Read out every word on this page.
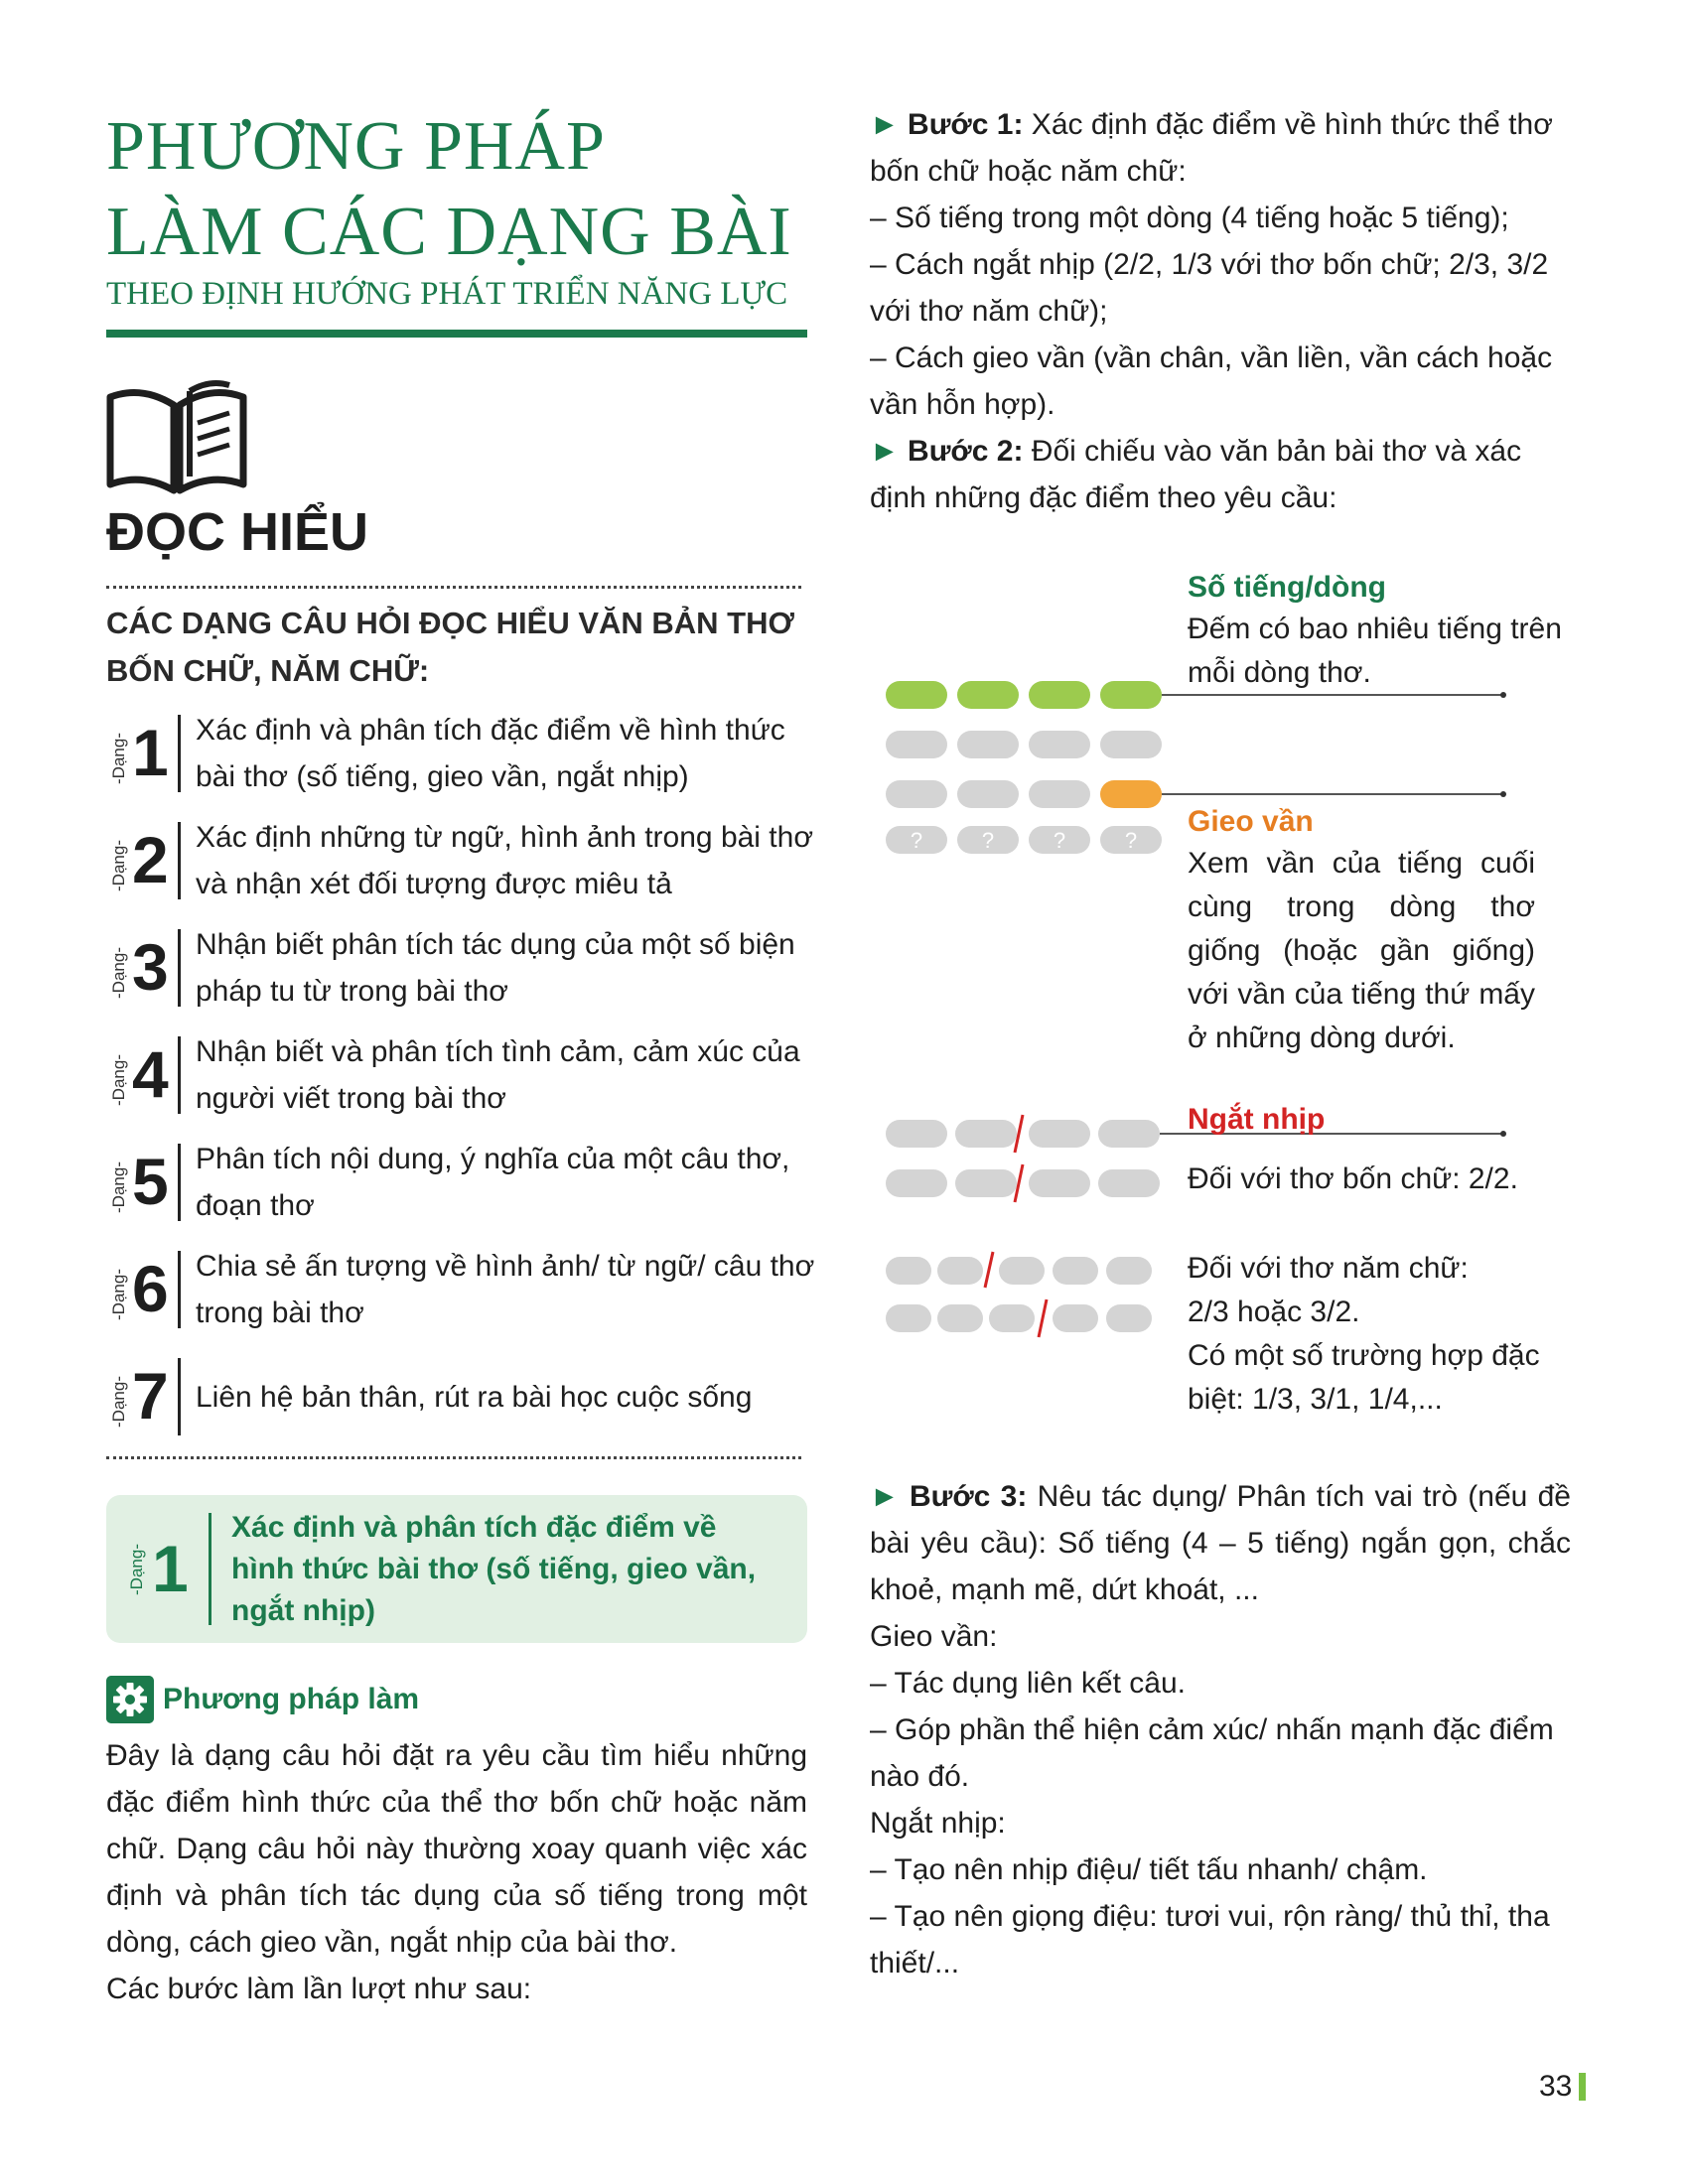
PHƯƠNG PHÁP
LÀM CÁC DẠNG BÀI
THEO ĐỊNH HƯỚNG PHÁT TRIỂN NĂNG LỰC
ĐỌC HIỂU
CÁC DẠNG CÂU HỎI ĐỌC HIỂU VĂN BẢN THƠ BỐN CHỮ, NĂM CHỮ:
-Dạng- 1 Xác định và phân tích đặc điểm về hình thức bài thơ (số tiếng, gieo vần, ngắt nhịp)
-Dạng- 2 Xác định những từ ngữ, hình ảnh trong bài thơ và nhận xét đối tượng được miêu tả
-Dạng- 3 Nhận biết phân tích tác dụng của một số biện pháp tu từ trong bài thơ
-Dạng- 4 Nhận biết và phân tích tình cảm, cảm xúc của người viết trong bài thơ
-Dạng- 5 Phân tích nội dung, ý nghĩa của một câu thơ, đoạn thơ
-Dạng- 6 Chia sẻ ấn tượng về hình ảnh/ từ ngữ/ câu thơ trong bài thơ
-Dạng- 7 Liên hệ bản thân, rút ra bài học cuộc sống
-Dạng- 1
Xác định và phân tích đặc điểm về hình thức bài thơ (số tiếng, gieo vần, ngắt nhịp)
Phương pháp làm

Đây là dạng câu hỏi đặt ra yêu cầu tìm hiểu những đặc điểm hình thức của thể thơ bốn chữ hoặc năm chữ. Dạng câu hỏi này thường xoay quanh việc xác định và phân tích tác dụng của số tiếng trong một dòng, cách gieo vần, ngắt nhịp của bài thơ.

Các bước làm lần lượt như sau:

► Bước 1: Xác định đặc điểm về hình thức thể thơ bốn chữ hoặc năm chữ:

– Số tiếng trong một dòng (4 tiếng hoặc 5 tiếng);

– Cách ngắt nhịp (2/2, 1/3 với thơ bốn chữ; 2/3, 3/2 với thơ năm chữ);

– Cách gieo vần (vần chân, vần liền, vần cách hoặc vần hỗn hợp).

► Bước 2: Đối chiếu vào văn bản bài thơ và xác định những đặc điểm theo yêu cầu:

?	?	?	?
Số tiếng/dòng
Đếm có bao nhiêu tiếng trên mỗi dòng thơ.
Gieo vần
Xem vần của tiếng cuối cùng trong dòng thơ giống (hoặc gần giống) với vần của tiếng thứ mấy ở những dòng dưới.
Ngắt nhịp
Đối với thơ bốn chữ: 2/2.
Đối với thơ năm chữ:
2/3 hoặc 3/2.
Có một số trường hợp đặc biệt: 1/3, 3/1, 1/4,...

► Bước 3: Nêu tác dụng/ Phân tích vai trò (nếu đề bài yêu cầu): Số tiếng (4 – 5 tiếng) ngắn gọn, chắc khoẻ, mạnh mẽ, dứt khoát, ...

Gieo vần:

– Tác dụng liên kết câu.

– Góp phần thể hiện cảm xúc/ nhấn mạnh đặc điểm nào đó.

Ngắt nhịp:

– Tạo nên nhịp điệu/ tiết tấu nhanh/ chậm.

– Tạo nên giọng điệu: tươi vui, rộn ràng/ thủ thỉ, tha thiết/...

33
